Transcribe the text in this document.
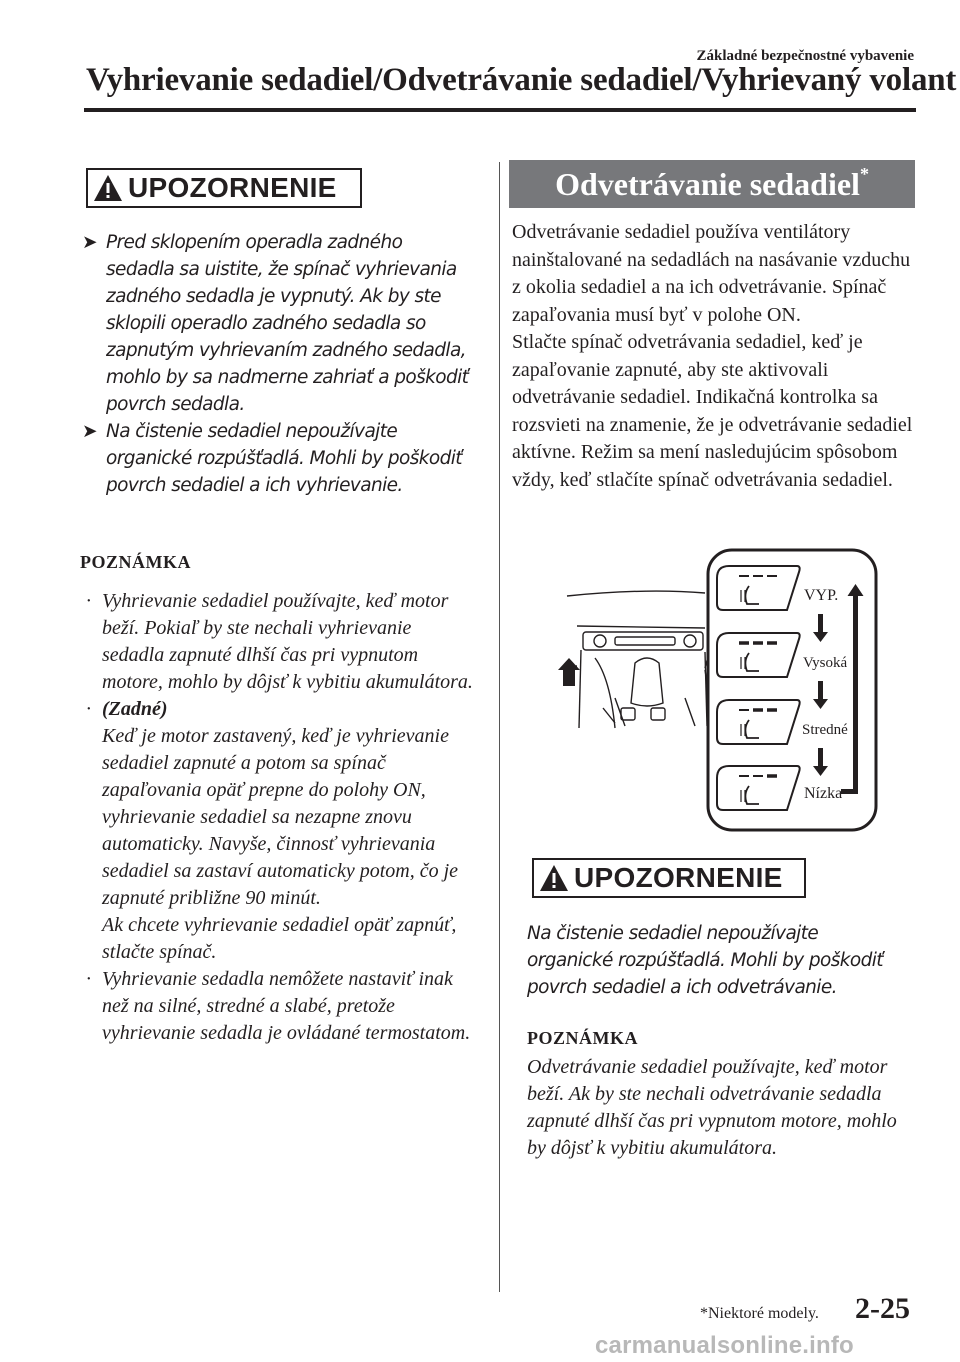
Základné bezpečnostné vybavenie
Vyhrievanie sedadiel/Odvetrávanie sedadiel/Vyhrievaný volant
UPOZORNENIE
➤ Pred sklopením operadla zadného sedadla sa uistite, že spínač vyhrievania zadného sedadla je vypnutý. Ak by ste sklopili operadlo zadného sedadla so zapnutým vyhrievaním zadného sedadla, mohlo by sa nadmerne zahriať a poškodiť povrch sedadla.
➤ Na čistenie sedadiel nepoužívajte organické rozpúšťadlá. Mohli by poškodiť povrch sedadiel a ich vyhrievanie.
POZNÁMKA
· Vyhrievanie sedadiel používajte, keď motor beží. Pokiaľ by ste nechali vyhrievanie sedadla zapnuté dlhší čas pri vypnutom motore, mohlo by dôjsť k vybitiu akumulátora.
· (Zadné)
Keď je motor zastavený, keď je vyhrievanie sedadiel zapnuté a potom sa spínač zapaľovania opäť prepne do polohy ON, vyhrievanie sedadiel sa nezapne znovu automaticky. Navyše, činnosť vyhrievania sedadiel sa zastaví automaticky potom, čo je zapnuté približne 90 minút.
Ak chcete vyhrievanie sedadiel opäť zapnúť, stlačte spínač.
· Vyhrievanie sedadla nemôžete nastaviť inak než na silné, stredné a slabé, pretože vyhrievanie sedadla je ovládané termostatom.
Odvetrávanie sedadiel*
Odvetrávanie sedadiel používa ventilátory nainštalované na sedadlách na nasávanie vzduchu z okolia sedadiel a na ich odvetrávanie. Spínač zapaľovania musí byť v polohe ON.
Stlačte spínač odvetrávania sedadiel, keď je zapaľovanie zapnuté, aby ste aktivovali odvetrávanie sedadiel. Indikačná kontrolka sa rozsvieti na znamenie, že je odvetrávanie sedadiel aktívne. Režim sa mení nasledujúcim spôsobom vždy, keď stlačíte spínač odvetrávania sedadiel.
VYP.
Vysoká
Stredné
Nízka
UPOZORNENIE
Na čistenie sedadiel nepoužívajte organické rozpúšťadlá. Mohli by poškodiť povrch sedadiel a ich odvetrávanie.
POZNÁMKA
Odvetrávanie sedadiel používajte, keď motor beží. Ak by ste nechali odvetrávanie sedadla zapnuté dlhší čas pri vypnutom motore, mohlo by dôjsť k vybitiu akumulátora.
*Niektoré modely. 2-25
carmanualsonline.info
